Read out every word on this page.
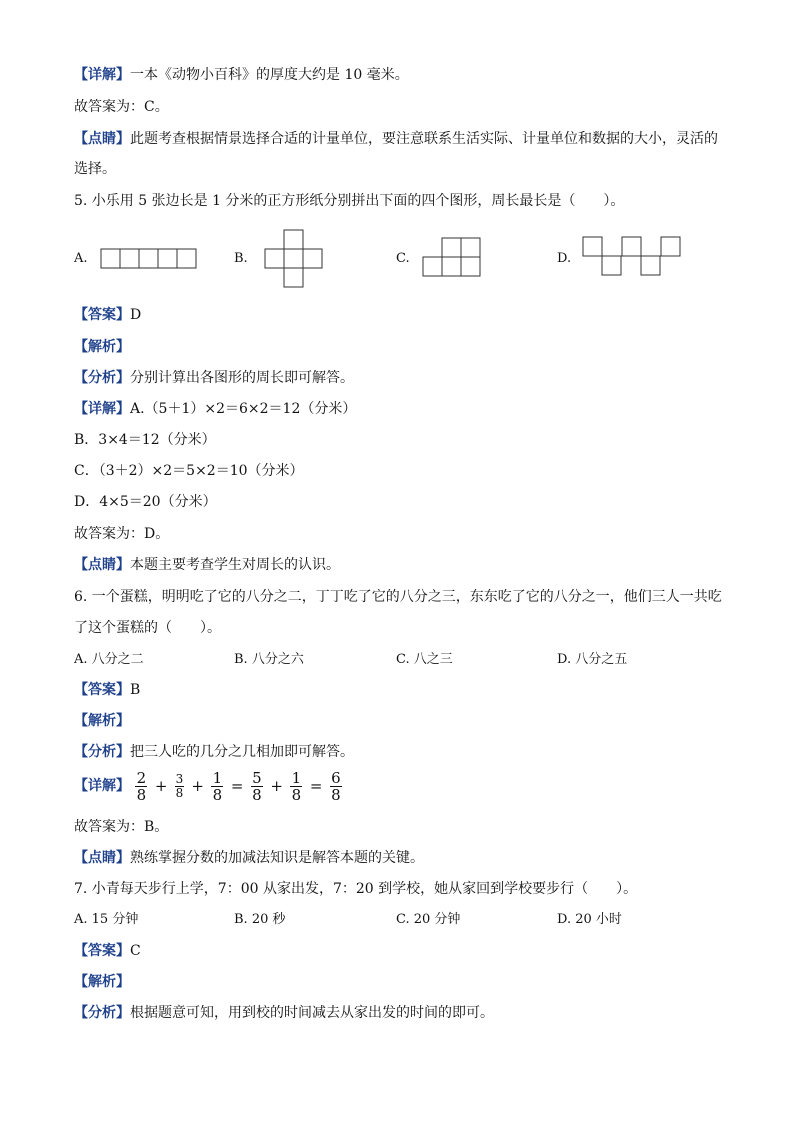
【详解】一本《动物小百科》的厚度大约是 10 毫米。
故答案为：C。
【点睛】此题考查根据情景选择合适的计量单位，要注意联系生活实际、计量单位和数据的大小，灵活的
选择。
5. 小乐用 5 张边长是 1 分米的正方形纸分别拼出下面的四个图形，周长最长是（　　）。
A.	B.	C.	D.
【答案】D
【解析】
【分析】分别计算出各图形的周长即可解答。
【详解】A.（5＋1）×2＝6×2＝12（分米）
B．3×4＝12（分米）
C．（3＋2）×2＝5×2＝10（分米）
D．4×5＝20（分米）
故答案为：D。
【点睛】本题主要考查学生对周长的认识。
6. 一个蛋糕，明明吃了它的八分之二，丁丁吃了它的八分之三，东东吃了它的八分之一，他们三人一共吃
了这个蛋糕的（　　）。
A. 八分之二	B. 八分之六	C. 八之三	D. 八分之五
【答案】B
【解析】
【分析】把三人吃的几分之几相加即可解答。
【详解】 $\frac{2}{8} + \frac{3}{8} + \frac{1}{8} = \frac{5}{8} + \frac{1}{8} = \frac{6}{8}$
故答案为：B。
【点睛】熟练掌握分数的加减法知识是解答本题的关键。
7. 小青每天步行上学，7：00 从家出发，7：20 到学校，她从家回到学校要步行（　　）。
A. 15 分钟	B. 20 秒	C. 20 分钟	D. 20 小时
【答案】C
【解析】
【分析】根据题意可知，用到校的时间减去从家出发的时间的即可。
